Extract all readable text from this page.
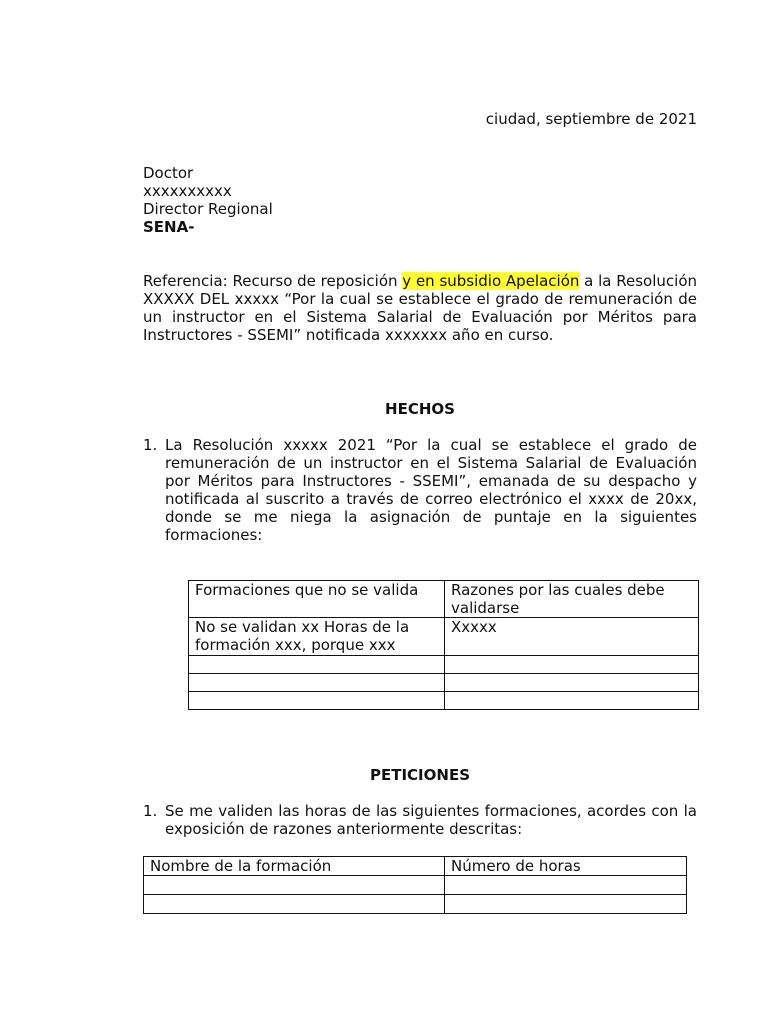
ciudad, septiembre de 2021
Doctor
xxxxxxxxxx
Director Regional
SENA-
Referencia: Recurso de reposición y en subsidio Apelación a la Resolución XXXXX DEL xxxxx “Por la cual se establece el grado de remuneración de un instructor en el Sistema Salarial de Evaluación por Méritos para Instructores - SSEMI” notificada xxxxxxx año en curso.
HECHOS
1. La Resolución xxxxx 2021 “Por la cual se establece el grado de remuneración de un instructor en el Sistema Salarial de Evaluación por Méritos para Instructores - SSEMI”, emanada de su despacho y notificada al suscrito a través de correo electrónico el xxxx de 20xx, donde se me niega la asignación de puntaje en la siguientes formaciones:
Formaciones que no se valida	Razones por las cuales debe validarse
No se validan xx Horas de la formación xxx, porque xxx	Xxxxx

PETICIONES
1. Se me validen las horas de las siguientes formaciones, acordes con la exposición de razones anteriormente descritas:
Nombre de la formación	Número de horas
